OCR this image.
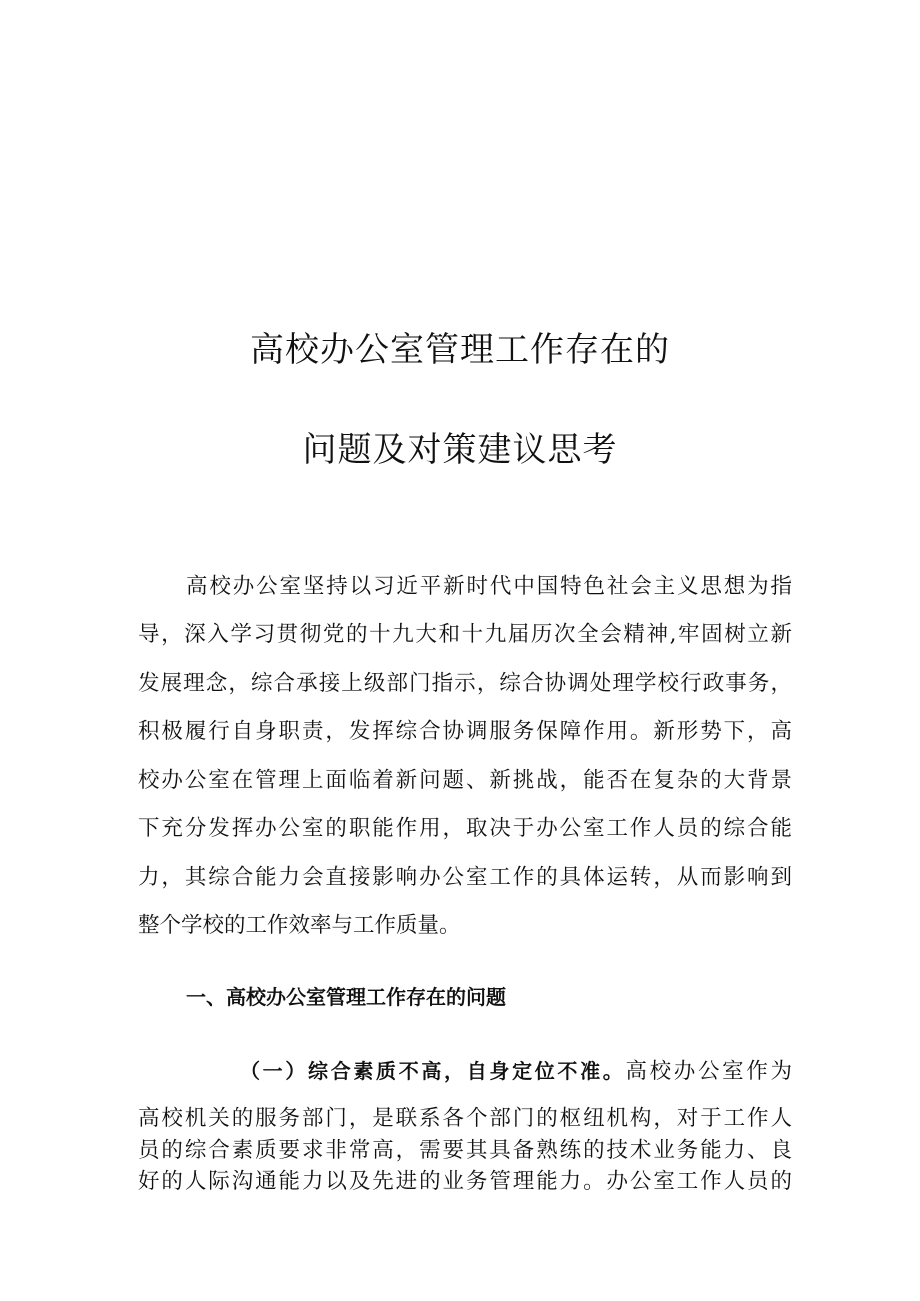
高校办公室管理工作存在的
问题及对策建议思考
高校办公室坚持以习近平新时代中国特色社会主义思想为指
导，深入学习贯彻党的十九大和十九届历次全会精神,牢固树立新
发展理念，综合承接上级部门指示，综合协调处理学校行政事务，
积极履行自身职责，发挥综合协调服务保障作用。新形势下，高
校办公室在管理上面临着新问题、新挑战，能否在复杂的大背景
下充分发挥办公室的职能作用，取决于办公室工作人员的综合能
力，其综合能力会直接影响办公室工作的具体运转，从而影响到
整个学校的工作效率与工作质量。
一、高校办公室管理工作存在的问题
（一）综合素质不高，自身定位不准。高校办公室作为
高校机关的服务部门，是联系各个部门的枢纽机构，对于工作人
员的综合素质要求非常高，需要其具备熟练的技术业务能力、良
好的人际沟通能力以及先进的业务管理能力。办公室工作人员的
